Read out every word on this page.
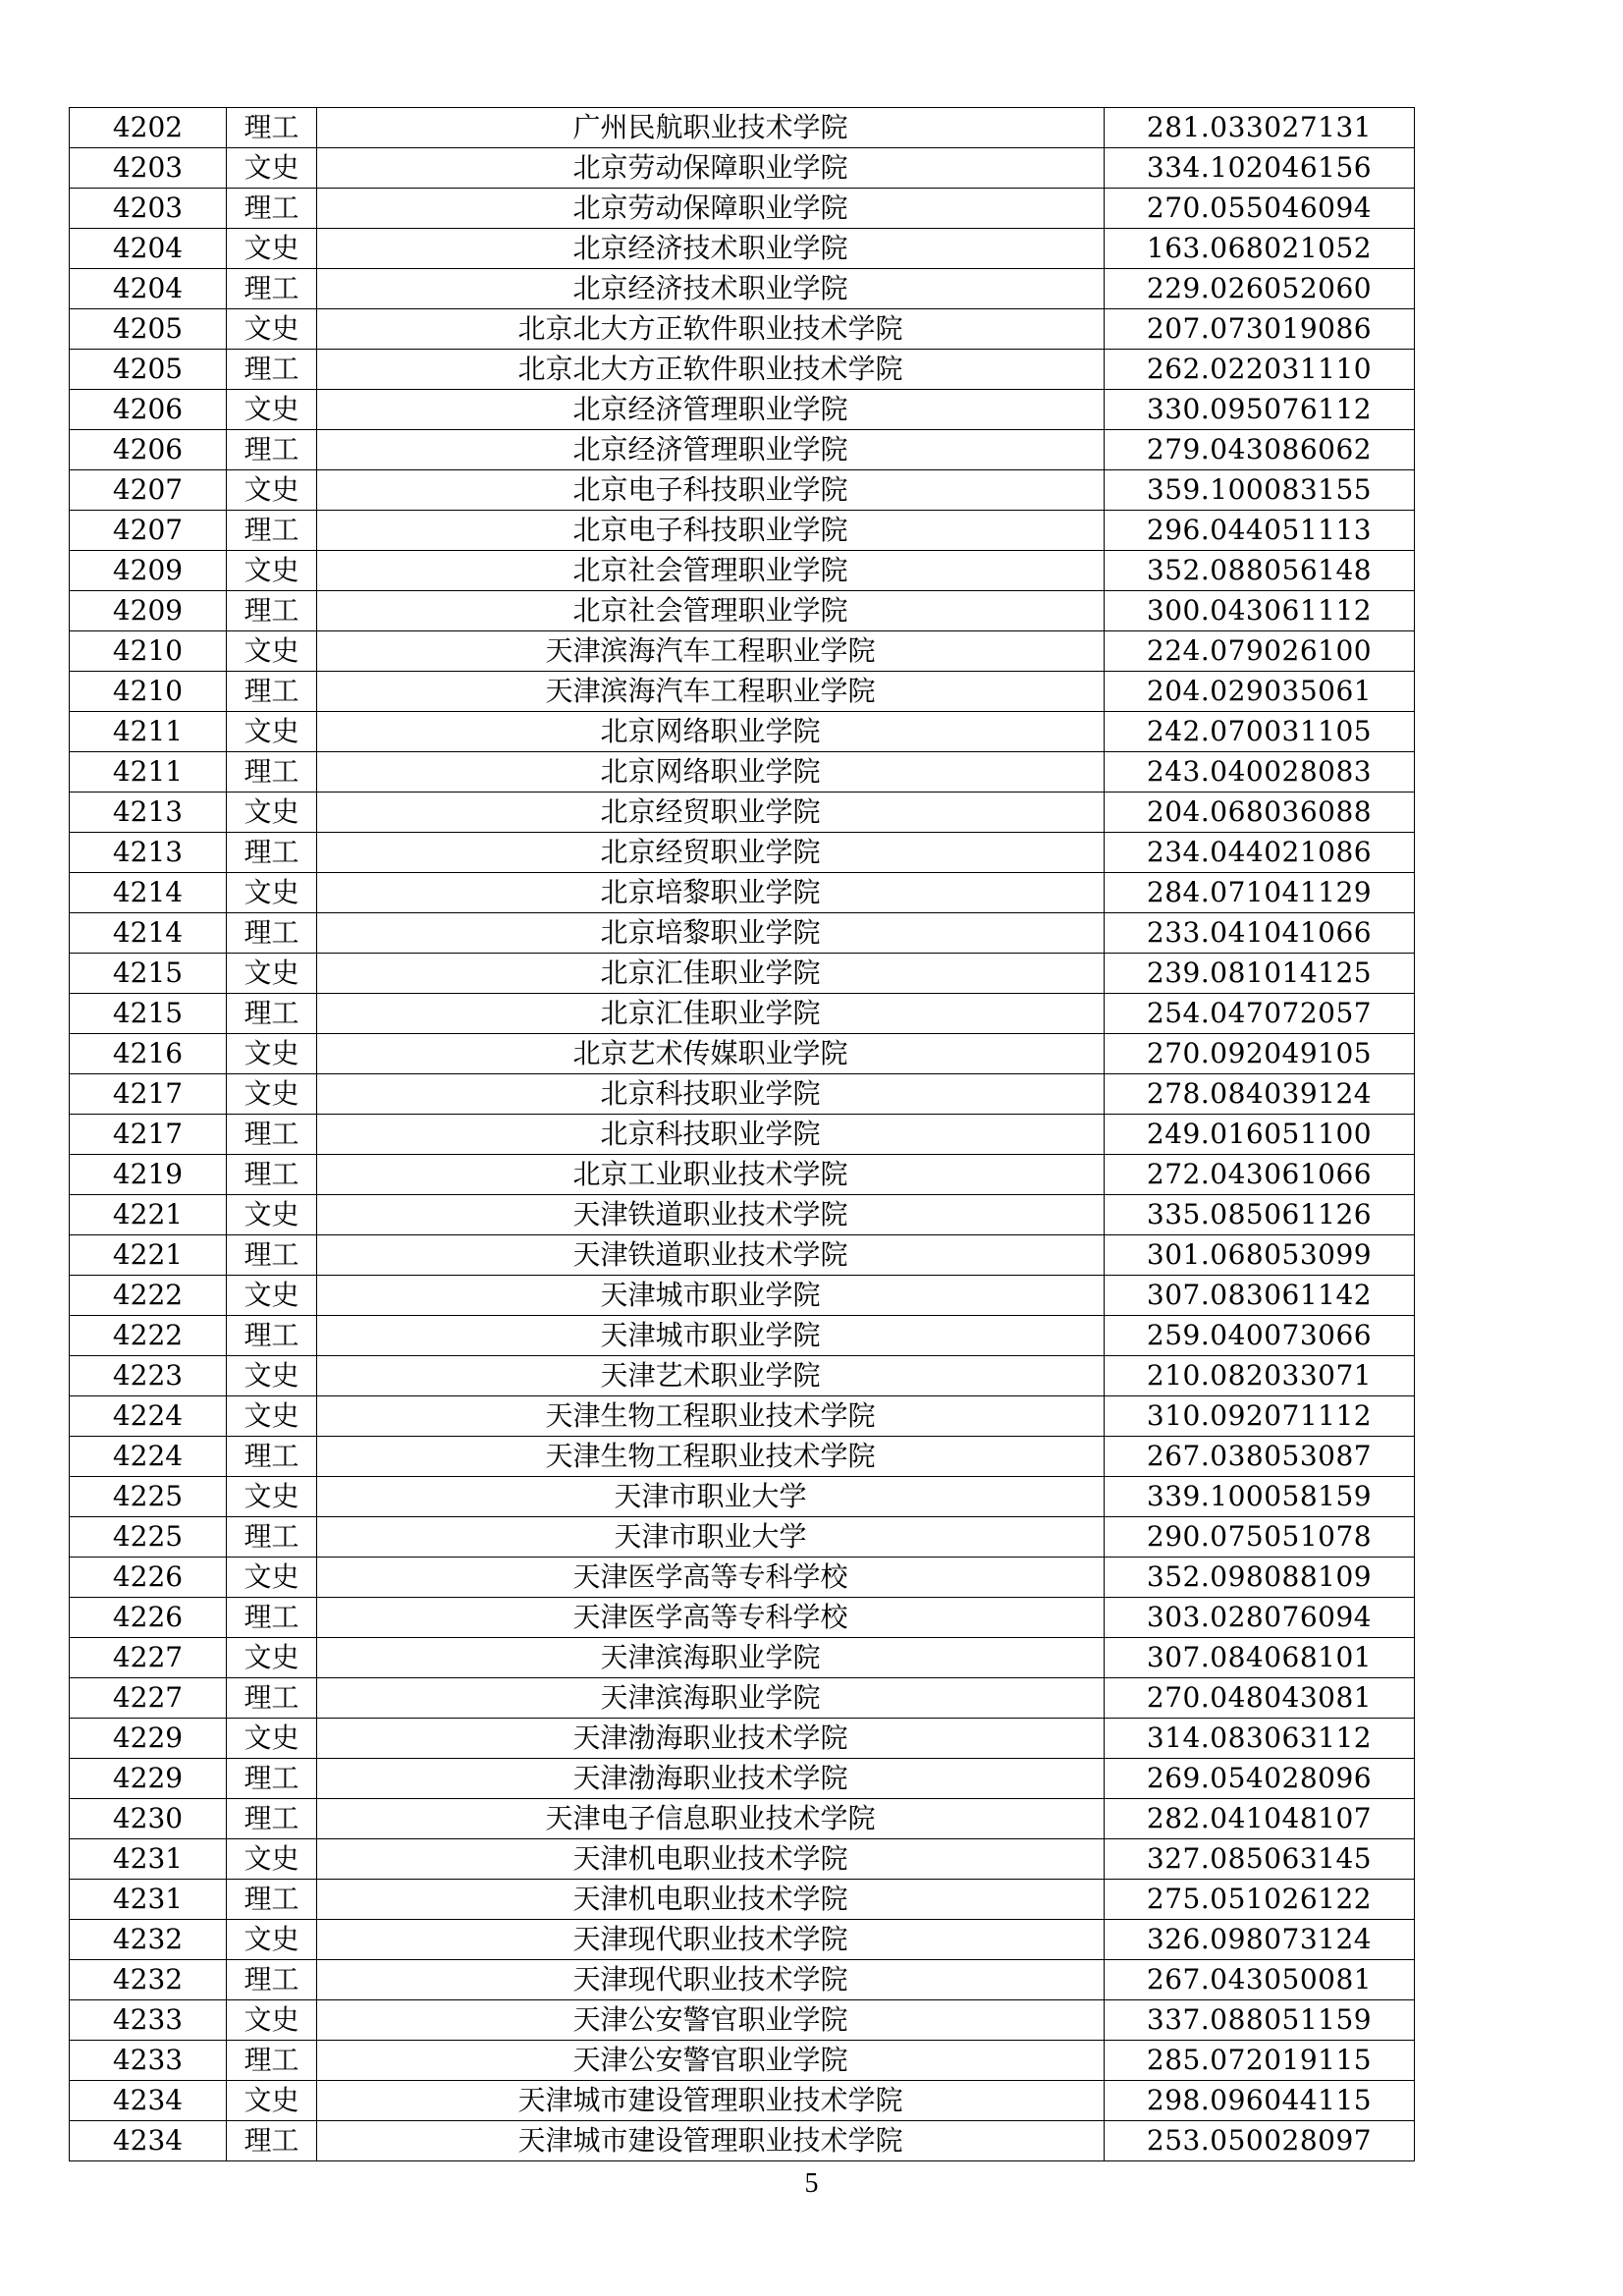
4202	理工	广州民航职业技术学院	281.033027131
4203	文史	北京劳动保障职业学院	334.102046156
4203	理工	北京劳动保障职业学院	270.055046094
4204	文史	北京经济技术职业学院	163.068021052
4204	理工	北京经济技术职业学院	229.026052060
4205	文史	北京北大方正软件职业技术学院	207.073019086
4205	理工	北京北大方正软件职业技术学院	262.022031110
4206	文史	北京经济管理职业学院	330.095076112
4206	理工	北京经济管理职业学院	279.043086062
4207	文史	北京电子科技职业学院	359.100083155
4207	理工	北京电子科技职业学院	296.044051113
4209	文史	北京社会管理职业学院	352.088056148
4209	理工	北京社会管理职业学院	300.043061112
4210	文史	天津滨海汽车工程职业学院	224.079026100
4210	理工	天津滨海汽车工程职业学院	204.029035061
4211	文史	北京网络职业学院	242.070031105
4211	理工	北京网络职业学院	243.040028083
4213	文史	北京经贸职业学院	204.068036088
4213	理工	北京经贸职业学院	234.044021086
4214	文史	北京培黎职业学院	284.071041129
4214	理工	北京培黎职业学院	233.041041066
4215	文史	北京汇佳职业学院	239.081014125
4215	理工	北京汇佳职业学院	254.047072057
4216	文史	北京艺术传媒职业学院	270.092049105
4217	文史	北京科技职业学院	278.084039124
4217	理工	北京科技职业学院	249.016051100
4219	理工	北京工业职业技术学院	272.043061066
4221	文史	天津铁道职业技术学院	335.085061126
4221	理工	天津铁道职业技术学院	301.068053099
4222	文史	天津城市职业学院	307.083061142
4222	理工	天津城市职业学院	259.040073066
4223	文史	天津艺术职业学院	210.082033071
4224	文史	天津生物工程职业技术学院	310.092071112
4224	理工	天津生物工程职业技术学院	267.038053087
4225	文史	天津市职业大学	339.100058159
4225	理工	天津市职业大学	290.075051078
4226	文史	天津医学高等专科学校	352.098088109
4226	理工	天津医学高等专科学校	303.028076094
4227	文史	天津滨海职业学院	307.084068101
4227	理工	天津滨海职业学院	270.048043081
4229	文史	天津渤海职业技术学院	314.083063112
4229	理工	天津渤海职业技术学院	269.054028096
4230	理工	天津电子信息职业技术学院	282.041048107
4231	文史	天津机电职业技术学院	327.085063145
4231	理工	天津机电职业技术学院	275.051026122
4232	文史	天津现代职业技术学院	326.098073124
4232	理工	天津现代职业技术学院	267.043050081
4233	文史	天津公安警官职业学院	337.088051159
4233	理工	天津公安警官职业学院	285.072019115
4234	文史	天津城市建设管理职业技术学院	298.096044115
4234	理工	天津城市建设管理职业技术学院	253.050028097
5
